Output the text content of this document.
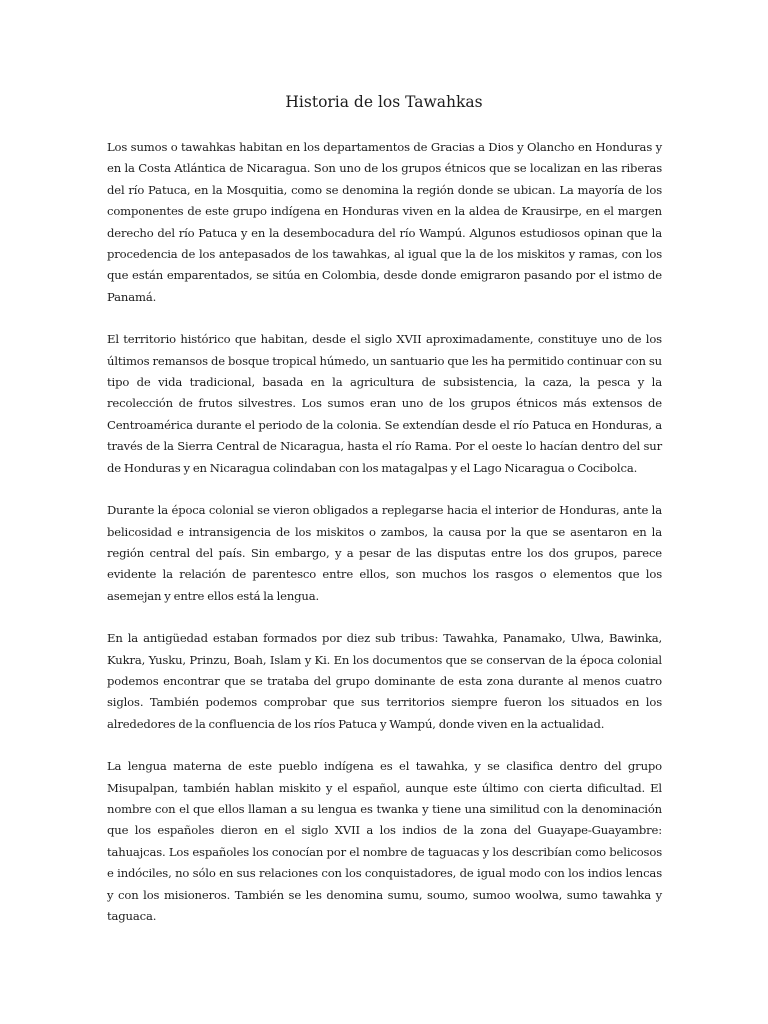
Historia de los Tawahkas

Los sumos o tawahkas habitan en los departamentos de Gracias a Dios y Olancho en Honduras y en la Costa Atlántica de Nicaragua. Son uno de los grupos étnicos que se localizan en las riberas del río Patuca, en la Mosquitia, como se denomina la región donde se ubican. La mayoría de los componentes de este grupo indígena en Honduras viven en la aldea de Krausirpe, en el margen derecho del río Patuca y en la desembocadura del río Wampú. Algunos estudiosos opinan que la procedencia de los antepasados de los tawahkas, al igual que la de los miskitos y ramas, con los que están emparentados, se sitúa en Colombia, desde donde emigraron pasando por el istmo de Panamá.

El territorio histórico que habitan, desde el siglo XVII aproximadamente, constituye uno de los últimos remansos de bosque tropical húmedo, un santuario que les ha permitido continuar con su tipo de vida tradicional, basada en la agricultura de subsistencia, la caza, la pesca y la recolección de frutos silvestres. Los sumos eran uno de los grupos étnicos más extensos de Centroamérica durante el periodo de la colonia. Se extendían desde el río Patuca en Honduras, a través de la Sierra Central de Nicaragua, hasta el río Rama. Por el oeste lo hacían dentro del sur de Honduras y en Nicaragua colindaban con los matagalpas y el Lago Nicaragua o Cocibolca.

Durante la época colonial se vieron obligados a replegarse hacia el interior de Honduras, ante la belicosidad e intransigencia de los miskitos o zambos, la causa por la que se asentaron en la región central del país. Sin embargo, y a pesar de las disputas entre los dos grupos, parece evidente la relación de parentesco entre ellos, son muchos los rasgos o elementos que los asemejan y entre ellos está la lengua.

En la antigüedad estaban formados por diez sub tribus: Tawahka, Panamako, Ulwa, Bawinka, Kukra, Yusku, Prinzu, Boah, Islam y Ki. En los documentos que se conservan de la época colonial podemos encontrar que se trataba del grupo dominante de esta zona durante al menos cuatro siglos. También podemos comprobar que sus territorios siempre fueron los situados en los alrededores de la confluencia de los ríos Patuca y Wampú, donde viven en la actualidad.

La lengua materna de este pueblo indígena es el tawahka, y se clasifica dentro del grupo Misupalpan, también hablan miskito y el español, aunque este último con cierta dificultad. El nombre con el que ellos llaman a su lengua es twanka y tiene una similitud con la denominación que los españoles dieron en el siglo XVII a los indios de la zona del Guayape-Guayambre: tahuajcas. Los españoles los conocían por el nombre de taguacas y los describían como belicosos e indóciles, no sólo en sus relaciones con los conquistadores, de igual modo con los indios lencas y con los misioneros. También se les denomina sumu, soumo, sumoo woolwa, sumo tawahka y taguaca.
